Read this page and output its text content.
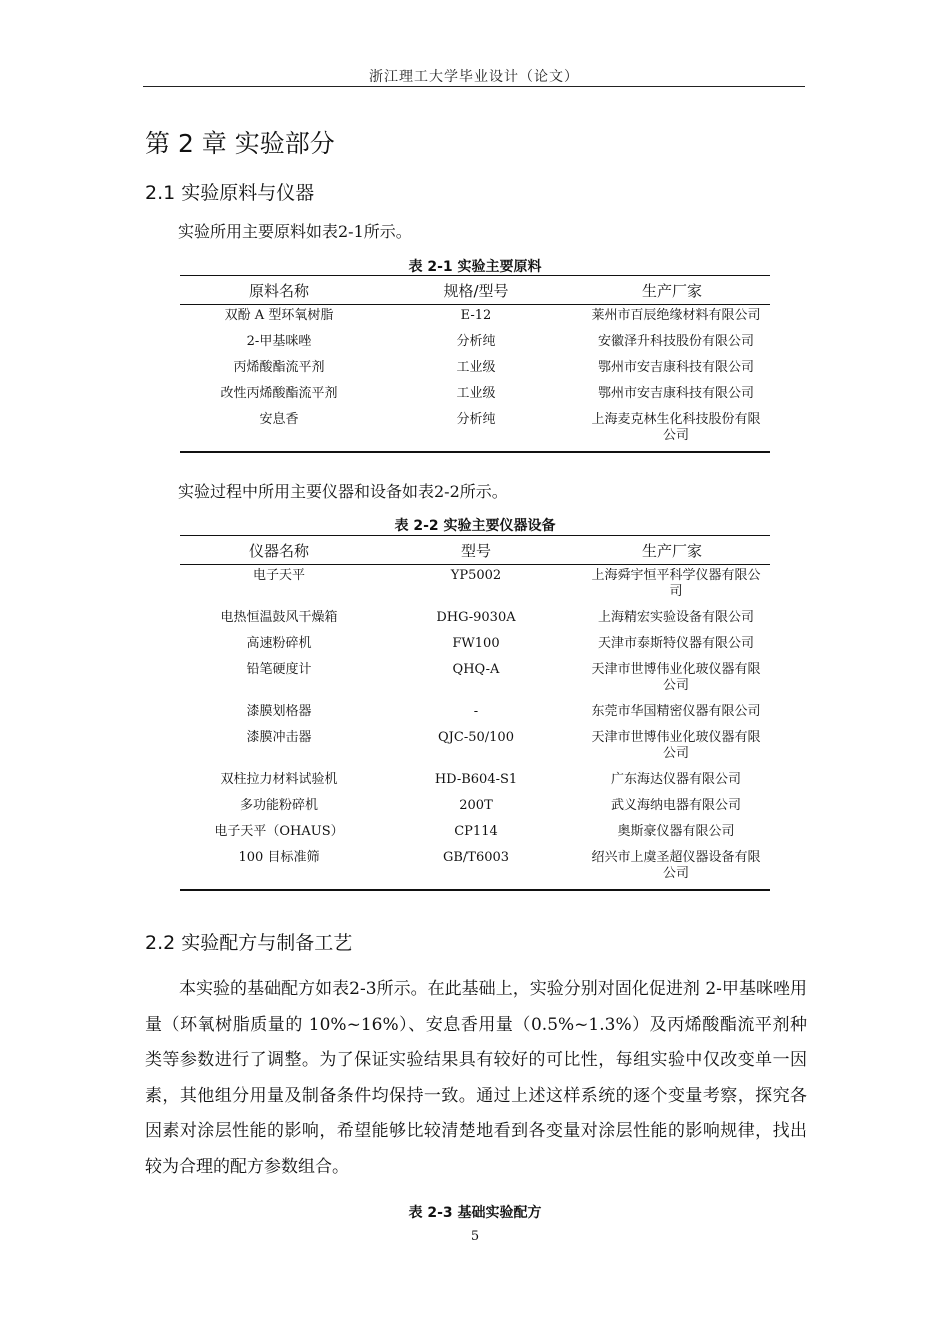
浙江理工大学毕业设计（论文）
第 2 章 实验部分
2.1 实验原料与仪器

实验所用主要原料如表2-1所示。

表 2-1 实验主要原料
原料名称	规格/型号	生产厂家
双酚 A 型环氧树脂	E-12	莱州市百辰绝缘材料有限公司
2-甲基咪唑	分析纯	安徽泽升科技股份有限公司
丙烯酸酯流平剂	工业级	鄂州市安吉康科技有限公司
改性丙烯酸酯流平剂	工业级	鄂州市安吉康科技有限公司
安息香	分析纯	上海麦克林生化科技股份有限公司

实验过程中所用主要仪器和设备如表2-2所示。

表 2-2 实验主要仪器设备
仪器名称	型号	生产厂家
电子天平	YP5002	上海舜宇恒平科学仪器有限公司
电热恒温鼓风干燥箱	DHG-9030A	上海精宏实验设备有限公司
高速粉碎机	FW100	天津市泰斯特仪器有限公司
铅笔硬度计	QHQ-A	天津市世博伟业化玻仪器有限公司
漆膜划格器	-	东莞市华国精密仪器有限公司
漆膜冲击器	QJC-50/100	天津市世博伟业化玻仪器有限公司
双柱拉力材料试验机	HD-B604-S1	广东海达仪器有限公司
多功能粉碎机	200T	武义海纳电器有限公司
电子天平（OHAUS）	CP114	奥斯豪仪器有限公司
100 目标准筛	GB/T6003	绍兴市上虞圣超仪器设备有限公司
2.2 实验配方与制备工艺

本实验的基础配方如表2-3所示。在此基础上，实验分别对固化促进剂 2-甲基咪唑用量（环氧树脂质量的 10%~16%）、安息香用量（0.5%~1.3%）及丙烯酸酯流平剂种类等参数进行了调整。为了保证实验结果具有较好的可比性，每组实验中仅改变单一因素，其他组分用量及制备条件均保持一致。通过上述这样系统的逐个变量考察，探究各因素对涂层性能的影响，希望能够比较清楚地看到各变量对涂层性能的影响规律，找出较为合理的配方参数组合。

表 2-3 基础实验配方
5
